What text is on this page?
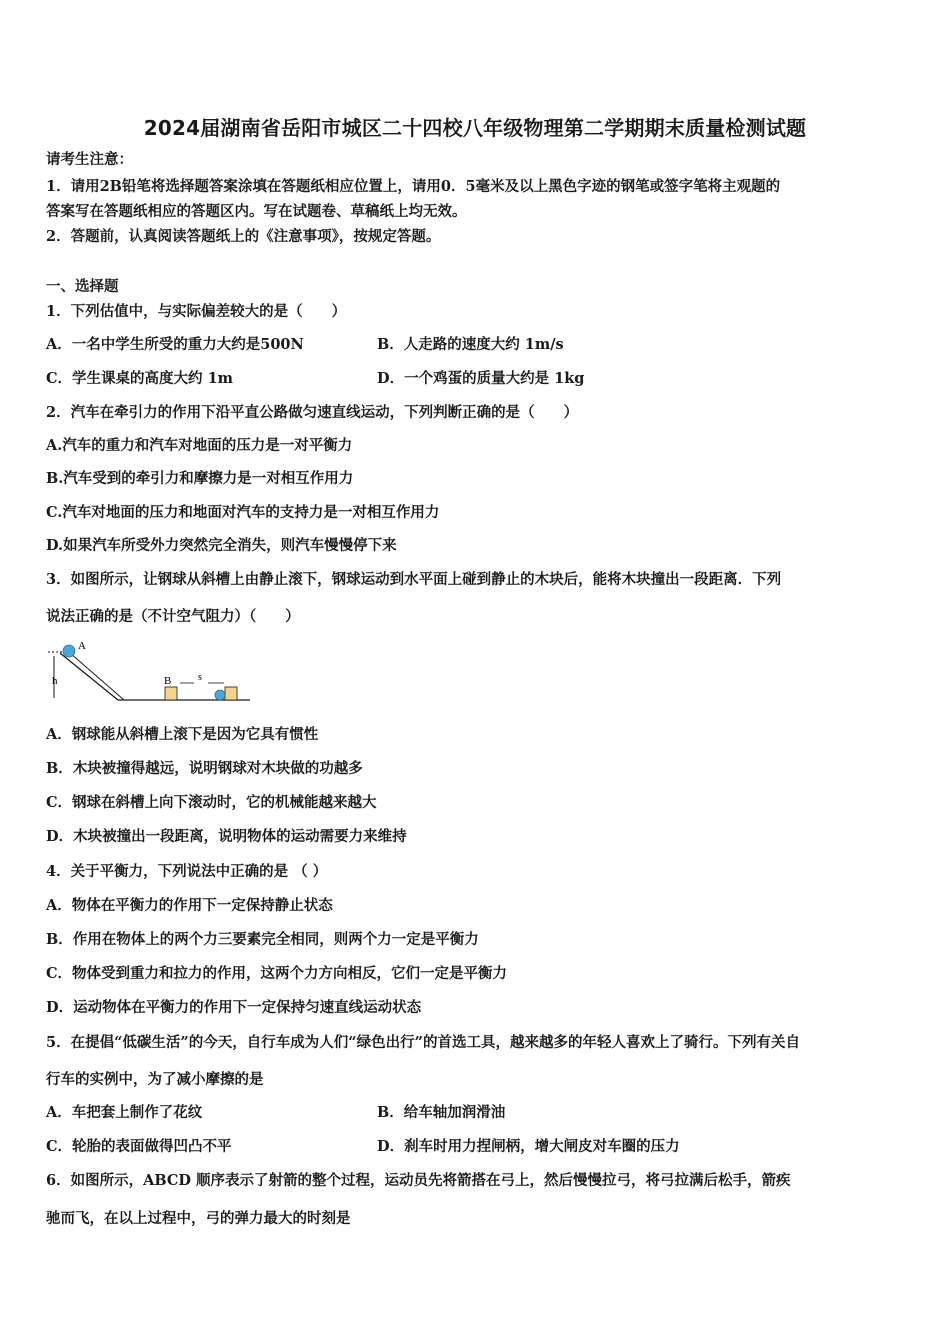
2024届湖南省岳阳市城区二十四校八年级物理第二学期期末质量检测试题
请考生注意：
1．请用2B铅笔将选择题答案涂填在答题纸相应位置上，请用0．5毫米及以上黑色字迹的钢笔或签字笔将主观题的
答案写在答题纸相应的答题区内。写在试题卷、草稿纸上均无效。
2．答题前，认真阅读答题纸上的《注意事项》，按规定答题。
一、选择题
1．下列估值中，与实际偏差较大的是（　　）
A．一名中学生所受的重力大约是500N	B．人走路的速度大约 1m/s
C．学生课桌的高度大约 1m	D．一个鸡蛋的质量大约是 1kg
2．汽车在牵引力的作用下沿平直公路做匀速直线运动，下列判断正确的是（　　）
A.汽车的重力和汽车对地面的压力是一对平衡力
B.汽车受到的牵引力和摩擦力是一对相互作用力
C.汽车对地面的压力和地面对汽车的支持力是一对相互作用力
D.如果汽车所受外力突然完全消失，则汽车慢慢停下来
3．如图所示，让钢球从斜槽上由静止滚下，钢球运动到水平面上碰到静止的木块后，能将木块撞出一段距离．下列
说法正确的是（不计空气阻力）（　　）
h
A
B	s
A．钢球能从斜槽上滚下是因为它具有惯性
B．木块被撞得越远，说明钢球对木块做的功越多
C．钢球在斜槽上向下滚动时，它的机械能越来越大
D．木块被撞出一段距离，说明物体的运动需要力来维持
4．关于平衡力，下列说法中正确的是 （ ）
A．物体在平衡力的作用下一定保持静止状态
B．作用在物体上的两个力三要素完全相同，则两个力一定是平衡力
C．物体受到重力和拉力的作用，这两个力方向相反，它们一定是平衡力
D．运动物体在平衡力的作用下一定保持匀速直线运动状态
5．在提倡“低碳生活”的今天，自行车成为人们“绿色出行”的首选工具，越来越多的年轻人喜欢上了骑行。下列有关自
行车的实例中，为了减小摩擦的是
A．车把套上制作了花纹	B．给车轴加润滑油
C．轮胎的表面做得凹凸不平	D．刹车时用力捏闸柄，增大闸皮对车圈的压力
6．如图所示，ABCD 顺序表示了射箭的整个过程，运动员先将箭搭在弓上，然后慢慢拉弓，将弓拉满后松手，箭疾
驰而飞，在以上过程中，弓的弹力最大的时刻是
